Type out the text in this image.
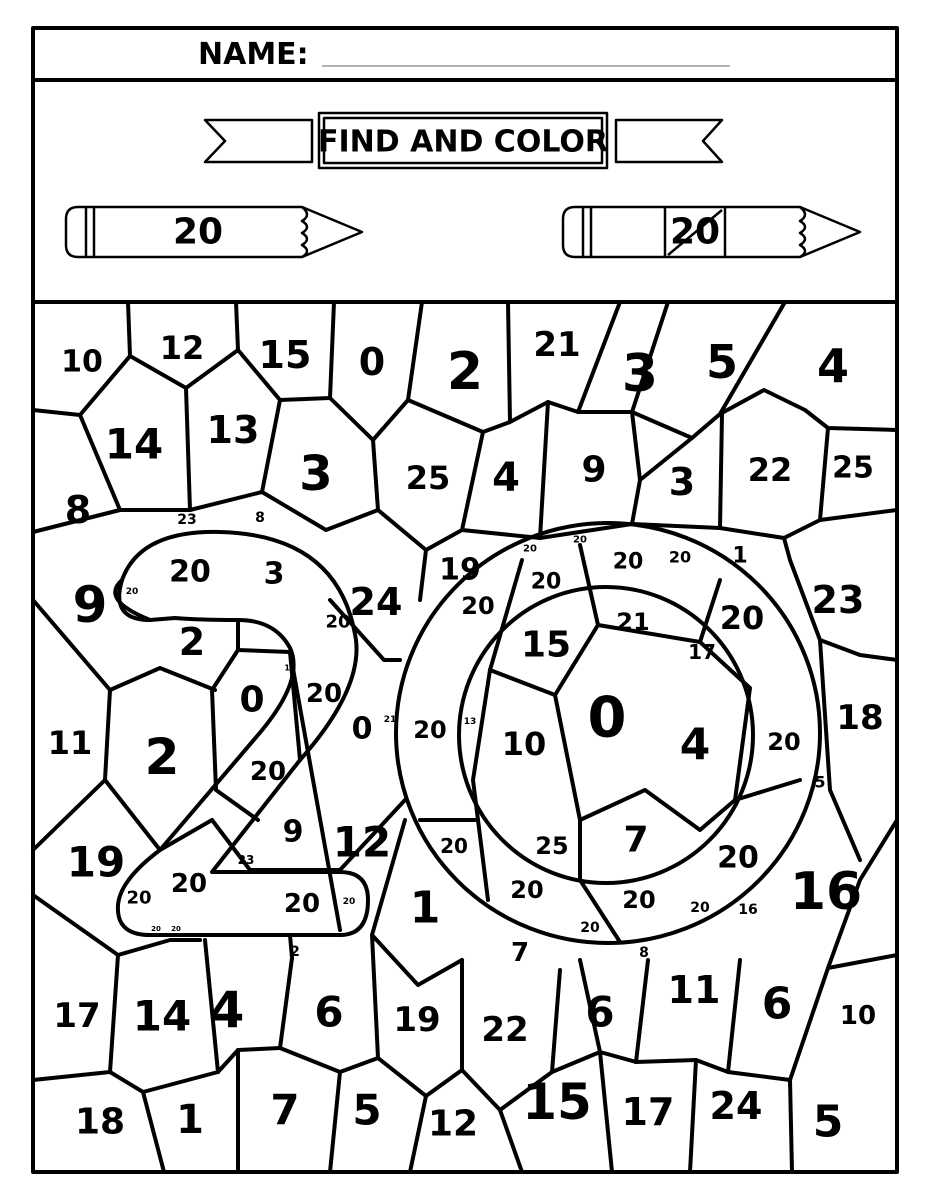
NAME:
FIND AND COLOR
20	20
10 12 15 0 2 21 3 5 4
14 13
3 25 4 9 3 22 25
8	23	8
9 20
20 3
2
24
19
20
20
20
20 1
23
21
15
20
17
20
20
20
11 2
0 20
0 20 10 0 4 20
18
13
21
11
20	5
19
9 12 20
20
25 7 20
16
23
20
20
20	1
20	20
20
20 16
2
20 20
7	8
17 14 4 6 19 22 6 11 6 10
18 1 7 5 12 15 17 24 5
